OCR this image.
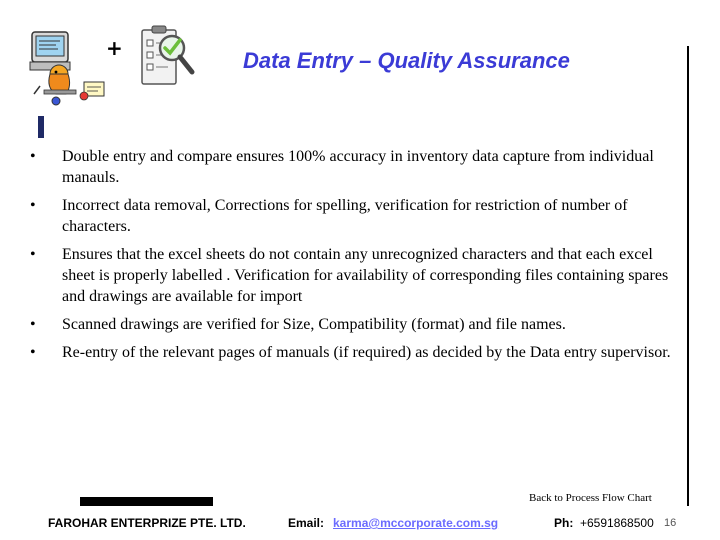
+	Data Entry – Quality Assurance
• Double entry and compare ensures 100% accuracy in inventory data capture from individual manauls.
• Incorrect data removal, Corrections for spelling, verification for restriction of number of characters.
• Ensures that the excel sheets do not contain any unrecognized characters and that each excel sheet is properly labelled . Verification for availability of corresponding files containing spares and drawings are available for import
• Scanned drawings are verified for Size, Compatibility (format) and file names.
• Re-entry of the relevant pages of manuals (if required) as decided by the Data entry supervisor.
Back to Process Flow Chart
FAROHAR ENTERPRIZE PTE. LTD.	Email: karma@mccorporate.com.sg	Ph: +6591868500 16
